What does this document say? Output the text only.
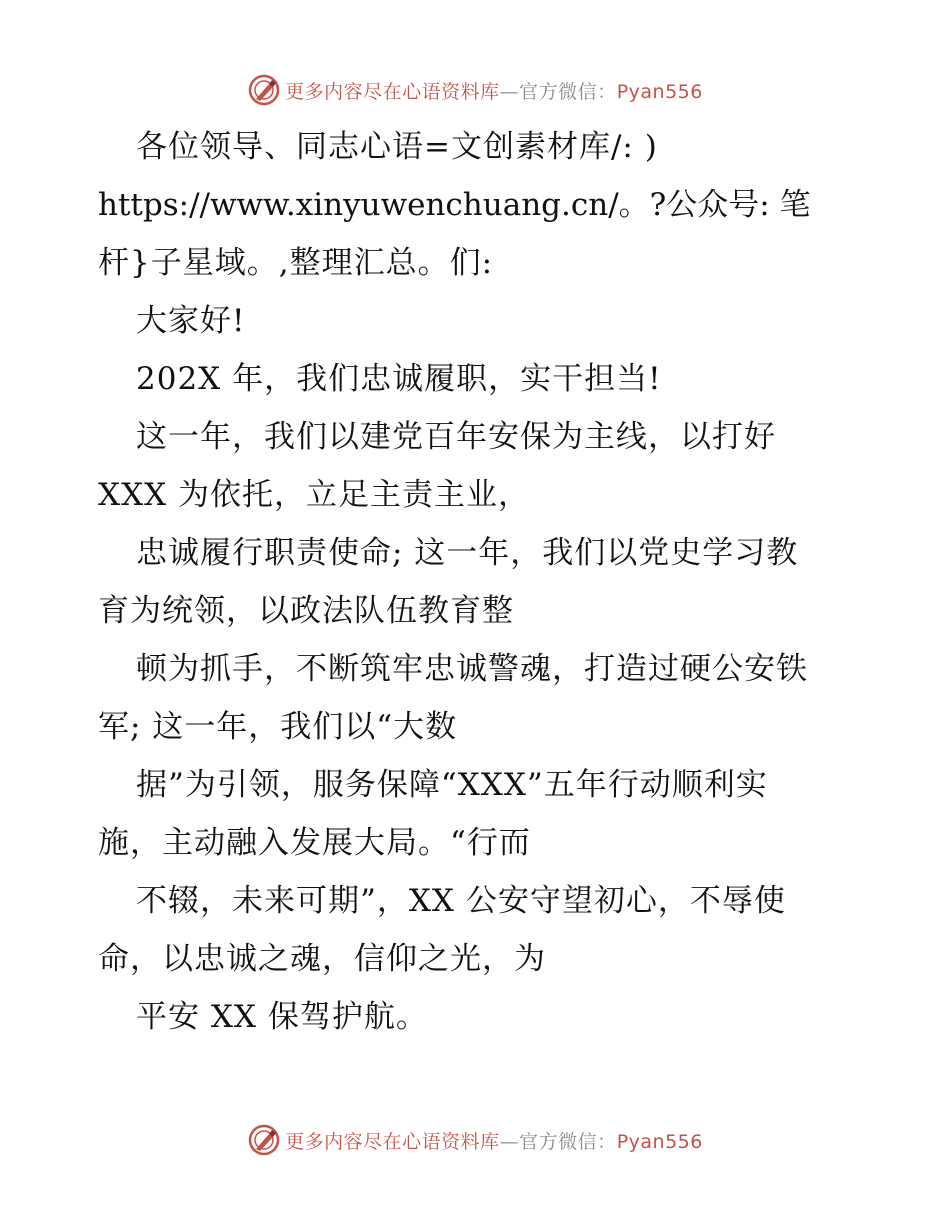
更多内容尽在心语资料库—官方微信：Pyan556
各位领导、同志心语=文创素材库/: )
https://www.xinyuwenchuang.cn/。?公众号: 笔
杆}子星域。,整理汇总。们:
大家好!
202X 年，我们忠诚履职，实干担当!
这一年，我们以建党百年安保为主线，以打好
XXX 为依托，立足主责主业，
忠诚履行职责使命; 这一年，我们以党史学习教
育为统领，以政法队伍教育整
顿为抓手，不断筑牢忠诚警魂，打造过硬公安铁
军; 这一年，我们以“大数
据”为引领，服务保障“XXX”五年行动顺利实
施，主动融入发展大局。“行而
不辍，未来可期”，XX 公安守望初心，不辱使
命，以忠诚之魂，信仰之光，为
平安 XX 保驾护航。
更多内容尽在心语资料库—官方微信：Pyan556
